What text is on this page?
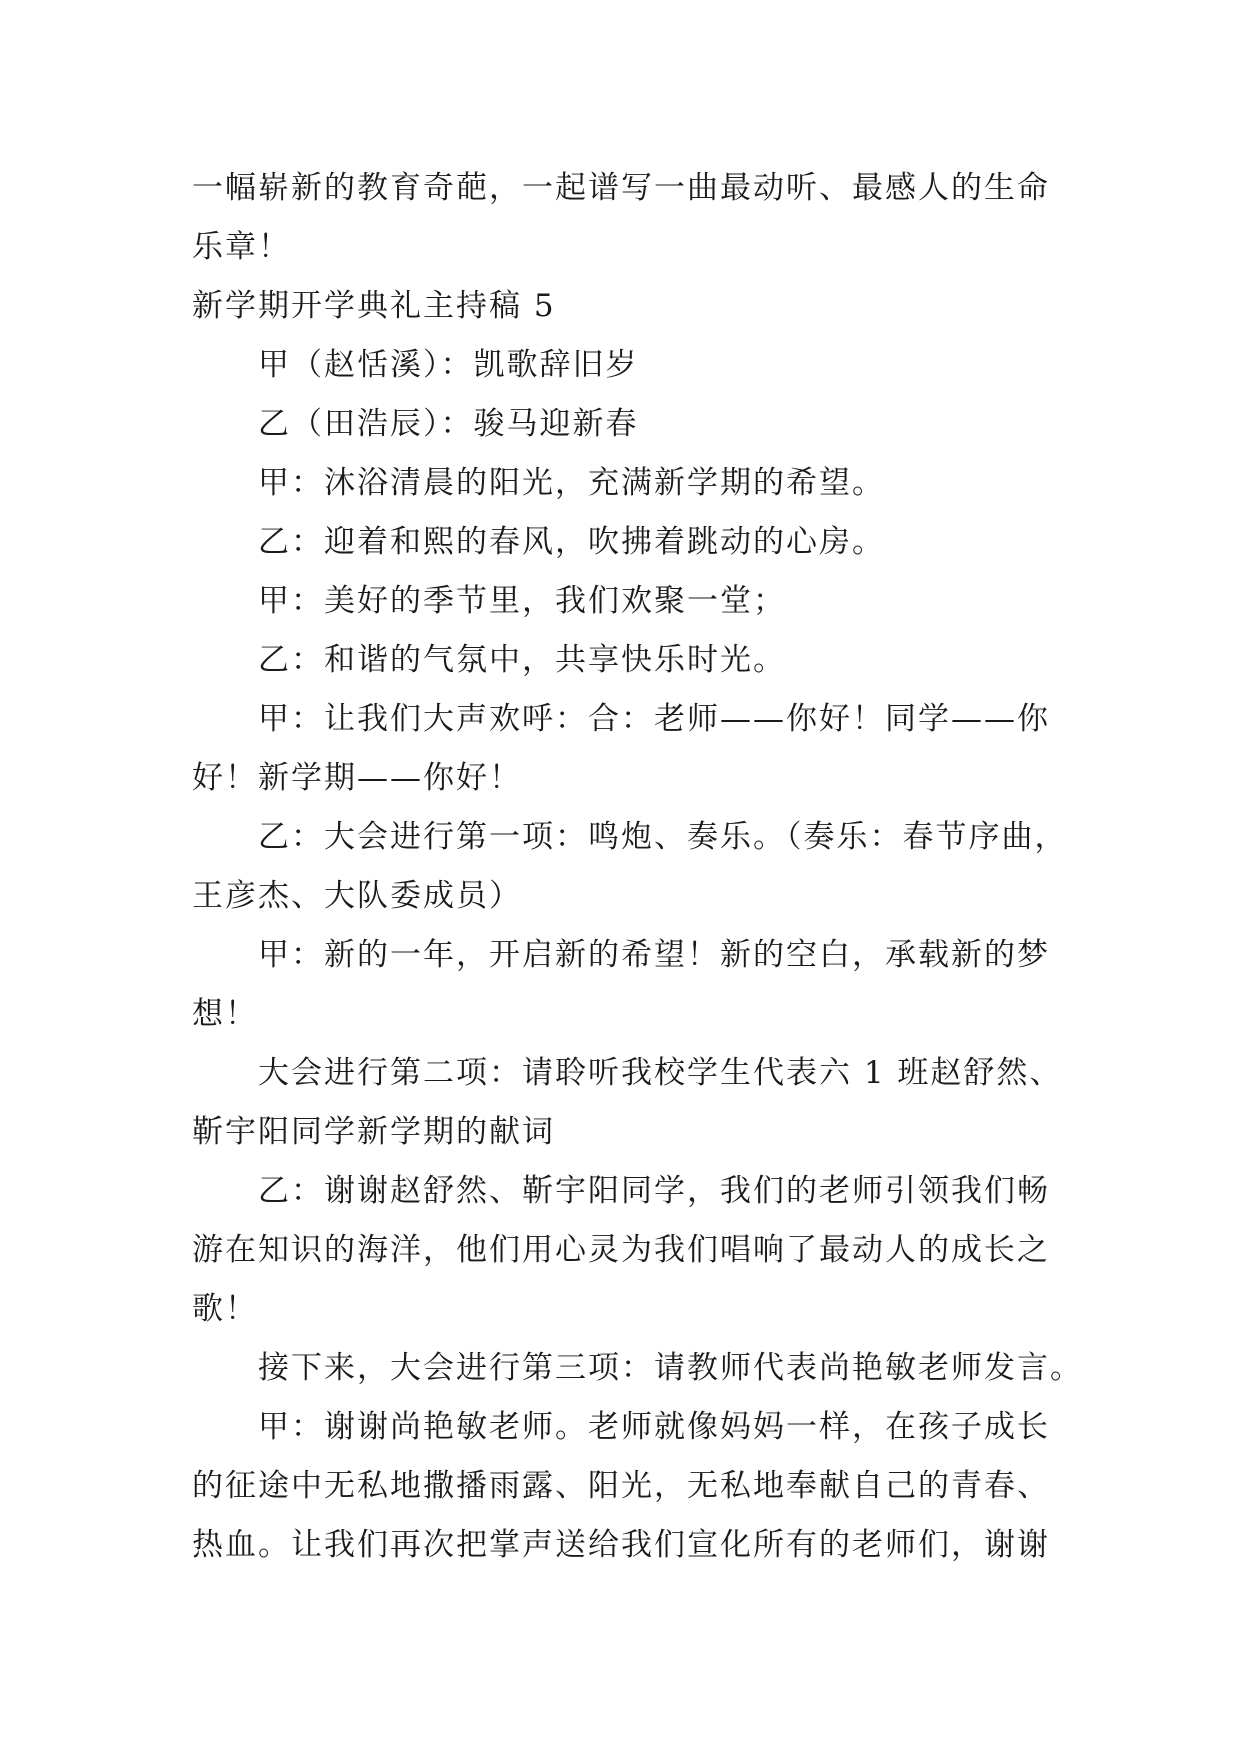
一幅崭新的教育奇葩，一起谱写一曲最动听、最感人的生命
乐章！
新学期开学典礼主持稿 5
甲（赵恬溪）：凯歌辞旧岁
乙（田浩辰）：骏马迎新春
甲：沐浴清晨的阳光，充满新学期的希望。
乙：迎着和熙的春风，吹拂着跳动的心房。
甲：美好的季节里，我们欢聚一堂；
乙：和谐的气氛中，共享快乐时光。
甲：让我们大声欢呼：合：老师——你好！同学——你
好！新学期——你好！
乙：大会进行第一项：鸣炮、奏乐。（奏乐：春节序曲，
王彦杰、大队委成员）
甲：新的一年，开启新的希望！新的空白，承载新的梦
想！
大会进行第二项：请聆听我校学生代表六 1 班赵舒然、
靳宇阳同学新学期的献词
乙：谢谢赵舒然、靳宇阳同学，我们的老师引领我们畅
游在知识的海洋，他们用心灵为我们唱响了最动人的成长之
歌！
接下来，大会进行第三项：请教师代表尚艳敏老师发言。
甲：谢谢尚艳敏老师。老师就像妈妈一样，在孩子成长
的征途中无私地撒播雨露、阳光，无私地奉献自己的青春、
热血。让我们再次把掌声送给我们宣化所有的老师们，谢谢
